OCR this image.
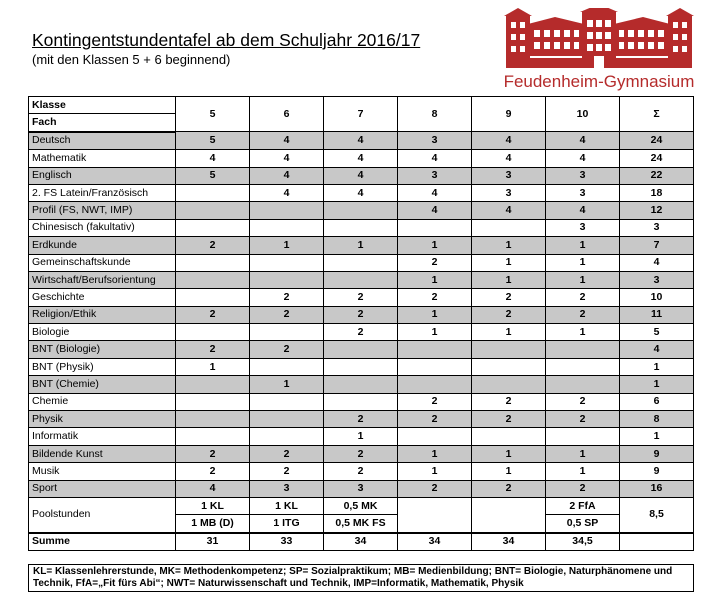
Kontingentstundentafel ab dem Schuljahr 2016/17
(mit den Klassen 5 + 6 beginnend)
Feudenheim-Gymnasium
Klasse	5	6	7	8	9	10	Σ
Fach							
Deutsch	5	4	4	3	4	4	24
Mathematik	4	4	4	4	4	4	24
Englisch	5	4	4	3	3	3	22
2. FS Latein/Französisch		4	4	4	3	3	18
Profil (FS, NWT, IMP)				4	4	4	12
Chinesisch (fakultativ)						3	3
Erdkunde	2	1	1	1	1	1	7
Gemeinschaftskunde				2	1	1	4
Wirtschaft/Berufsorientung				1	1	1	3
Geschichte		2	2	2	2	2	10
Religion/Ethik	2	2	2	1	2	2	11
Biologie			2	1	1	1	5
BNT (Biologie)	2	2					4
BNT (Physik)	1						1
BNT (Chemie)		1					1
Chemie				2	2	2	6
Physik			2	2	2	2	8
Informatik			1				1
Bildende Kunst	2	2	2	1	1	1	9
Musik	2	2	2	1	1	1	9
Sport	4	3	3	2	2	2	16
Poolstunden	1 KL	1 KL	0,5 MK			2 FfA	8,5
	1 MB (D)	1 ITG	0,5 MK FS			0,5 SP	
Summe	31	33	34	34	34	34,5	
KL= Klassenlehrerstunde, MK= Methodenkompetenz; SP= Sozialpraktikum; MB= Medienbildung; BNT= Biologie, Naturphänomene und Technik, FfA=„Fit fürs Abi“; NWT= Naturwissenschaft und Technik, IMP=Informatik, Mathematik, Physik
